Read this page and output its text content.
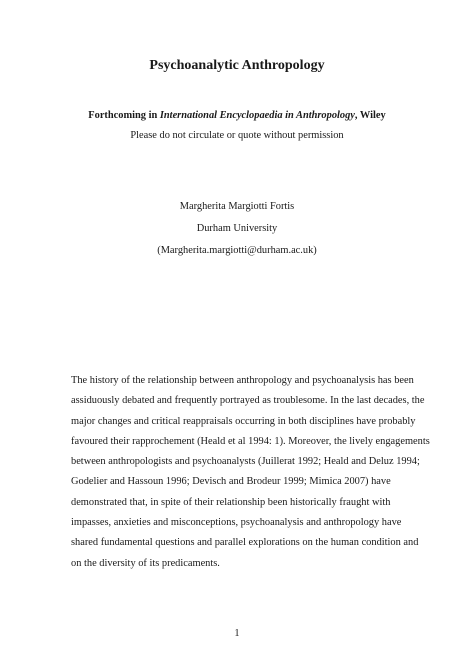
Psychoanalytic Anthropology
Forthcoming in International Encyclopaedia in Anthropology, Wiley
Please do not circulate or quote without permission
Margherita Margiotti Fortis
Durham University
(Margherita.margiotti@durham.ac.uk)
The history of the relationship between anthropology and psychoanalysis has been
assiduously debated and frequently portrayed as troublesome. In the last decades, the
major changes and critical reappraisals occurring in both disciplines have probably
favoured their rapprochement (Heald et al 1994: 1). Moreover, the lively engagements
between anthropologists and psychoanalysts (Juillerat 1992; Heald and Deluz 1994;
Godelier and Hassoun 1996; Devisch and Brodeur 1999; Mimica 2007) have
demonstrated that, in spite of their relationship been historically fraught with
impasses, anxieties and misconceptions, psychoanalysis and anthropology have
shared fundamental questions and parallel explorations on the human condition and
on the diversity of its predicaments.
1
